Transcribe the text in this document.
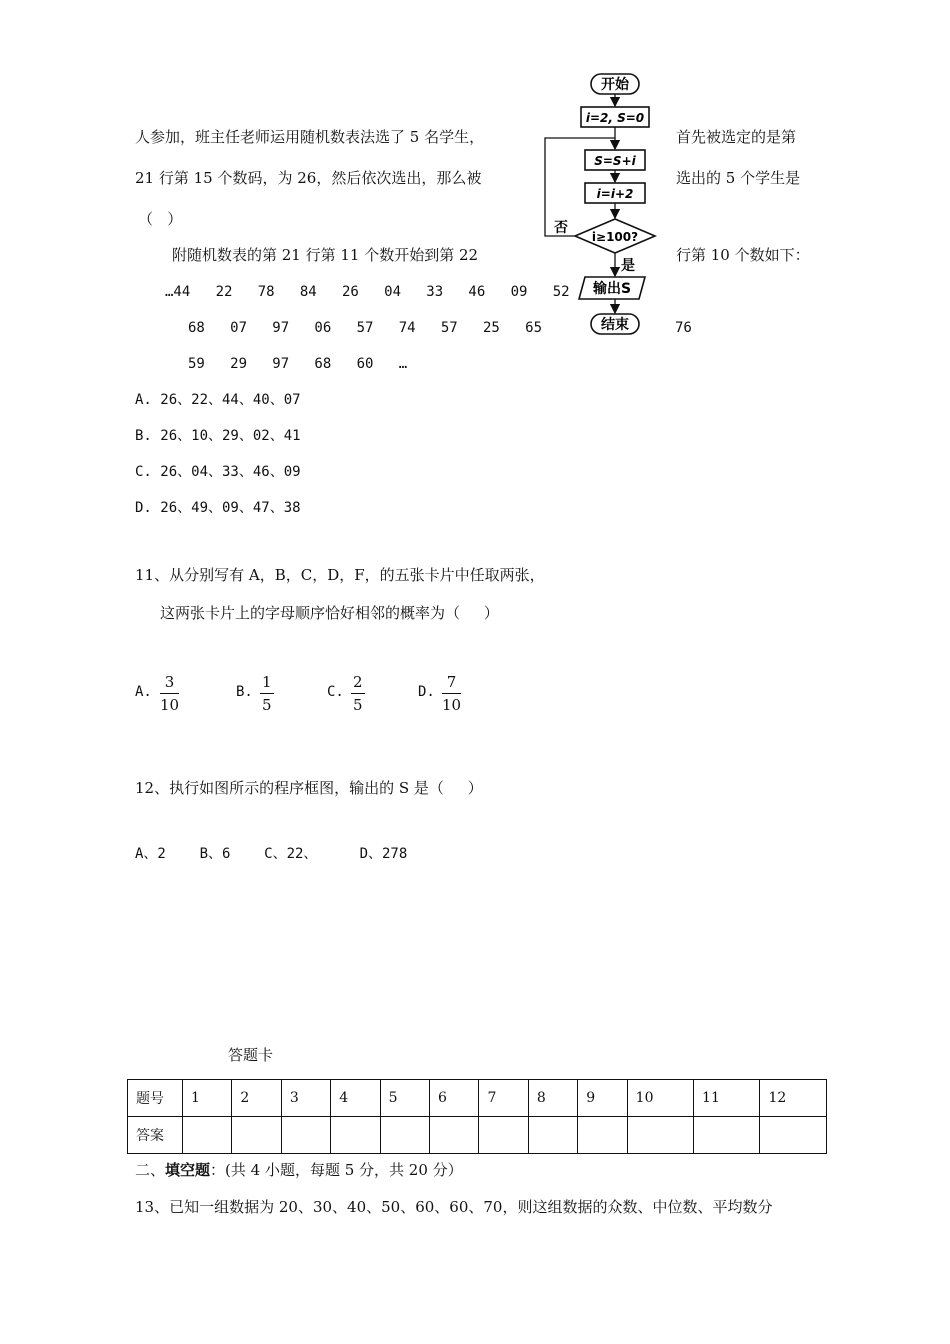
人参加，班主任老师运用随机数表法选了 5 名学生，	首先被选定的是第
21 行第 15 个数码，为 26，然后依次选出，那么被	选出的 5 个学生是
（   ）
附随机数表的第 21 行第 11 个数开始到第 22	行第 10 个数如下：
…44   22   78   84   26   04   33   46   09   52
68   07   97   06   57   74   57   25   65	76
59   29   97   68   60   …
A. 26、22、44、40、07
B. 26、10、29、02、41
C. 26、04、33、46、09
D. 26、49、09、47、38
开始
i=2, S=0
S=S+i
i=i+2
i≥100?
否
是
输出S
结束
11、从分别写有 A，B，C，D，F，的五张卡片中任取两张，
这两张卡片上的字母顺序恰好相邻的概率为（     ）
A.
3
10
B.
1
5
C.
2
5
D.
7
10
12、执行如图所示的程序框图，输出的 S 是（     ）
A、2    B、6    C、22、     D、278
答题卡
题号	1	2	3	4	5	6	7	8	9	10	11	12
答案												
二、填空题：(共 4 小题，每题 5 分，共 20 分）
13、已知一组数据为 20、30、40、50、60、60、70，则这组数据的众数、中位数、平均数分
